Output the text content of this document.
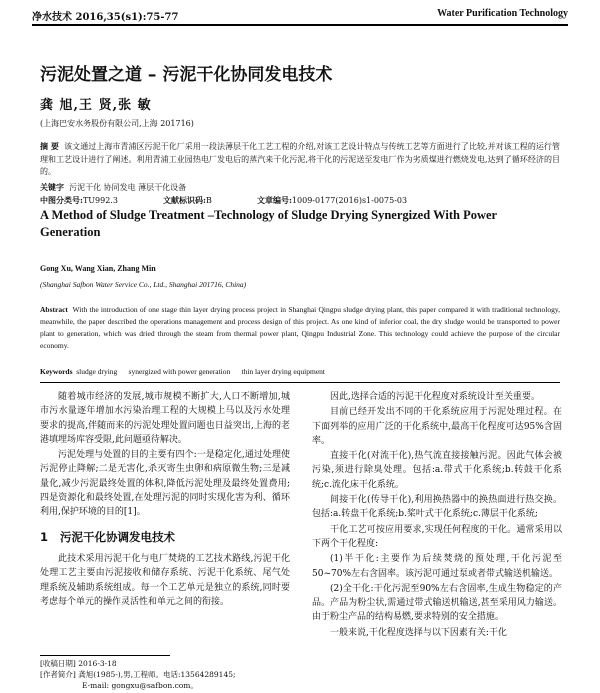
净水技术 2016,35(s1):75-77	Water Purification Technology
污泥处置之道 – 污泥干化协同发电技术
龚 旭,王 贤,张 敏
(上海巴安水务股份有限公司,上海 201716)
摘 要 该文通过上海市青浦区污泥干化厂采用一段法薄层干化工艺工程的介绍,对该工艺设计特点与传统工艺等方面进行了比较,并对该工程的运行管理和工艺设计进行了阐述。利用青浦工业园热电厂发电后的蒸汽来干化污泥,将干化的污泥送至发电厂作为劣质煤进行燃烧发电,达到了循环经济的目的。
关键字 污泥干化 协同发电 薄层干化设备
中图分类号:TU992.3	文献标识码:B	文章编号:1009-0177(2016)s1-0075-03
A Method of Sludge Treatment –Technology of Sludge Drying Synergized With Power Generation
Gong Xu, Wang Xian, Zhang Min
(Shanghai Safbon Water Service Co., Ltd., Shanghai 201716, China)
Abstract With the introduction of one stage thin layer drying process project in Shanghai Qingpu sludge drying plant, this paper compared it with traditional technology, meanwhile, the paper described the operations management and process design of this project. As one kind of inferior coal, the dry sludge would be transported to power plant to generation, which was dried through the steam from thermal power plant, Qingpu Industrial Zone. This technology could achieve the purpose of the circular economy.
Keywords sludge drying      synergized with power generation      thin layer drying equipment

随着城市经济的发展,城市规模不断扩大,人口不断增加,城市污水量逐年增加水污染治理工程的大规模上马以及污水处理要求的提高,伴随而来的污泥处理处置问题也日益突出,上海的老港填埋场库容受限,此问题亟待解决。

污泥处理与处置的目的主要有四个:一是稳定化,通过处理使污泥停止降解;二是无害化,杀灭寄生虫卵和病原微生物;三是减量化,减少污泥最终处置的体积,降低污泥处理及最终处置费用;四是资源化和最终处置,在处理污泥的同时实现化害为利、循环利用,保护环境的目的[1]。

1 污泥干化协调发电技术

此技术采用污泥干化与电厂焚烧的工艺技术路线,污泥干化处理工艺主要由污泥接收和储存系统、污泥干化系统、尾气处理系统及辅助系统组成。每一个工艺单元是独立的系统,同时要考虑每个单元的操作灵活性和单元之间的衔接。

[收稿日期] 2016-3-18
[作者简介] 龚旭(1985-),男,工程师。电话:13564289145;
E-mail: gongxu@safbon.com。

因此,选择合适的污泥干化程度对系统设计至关重要。

目前已经开发出不同的干化系统应用于污泥处理过程。在下面列举的应用广泛的干化系统中,最高干化程度可达95%含固率。

直接干化(对流干化),热气流直接接触污泥。因此气体会被污染,须进行除臭处理。包括:a.带式干化系统;b.转鼓干化系统;c.流化床干化系统。

间接干化(传导干化),利用换热器中的换热面进行热交换。包括:a.转盘干化系统;b.桨叶式干化系统;c.薄层干化系统;

干化工艺可按应用要求,实现任何程度的干化。通常采用以下两个干化程度:

(1)半干化:主要作为后续焚烧的预处理,干化污泥至50~70%左右含固率。该污泥可通过泵或者带式输送机输送。

(2)全干化:干化污泥至90%左右含固率,生成生物稳定的产品。产品为粉尘状,需通过带式输送机输送,甚至采用风力输送。由于粉尘产品的结构易燃,要求特别的安全措施。

一般来说,干化程度选择与以下因素有关:干化
